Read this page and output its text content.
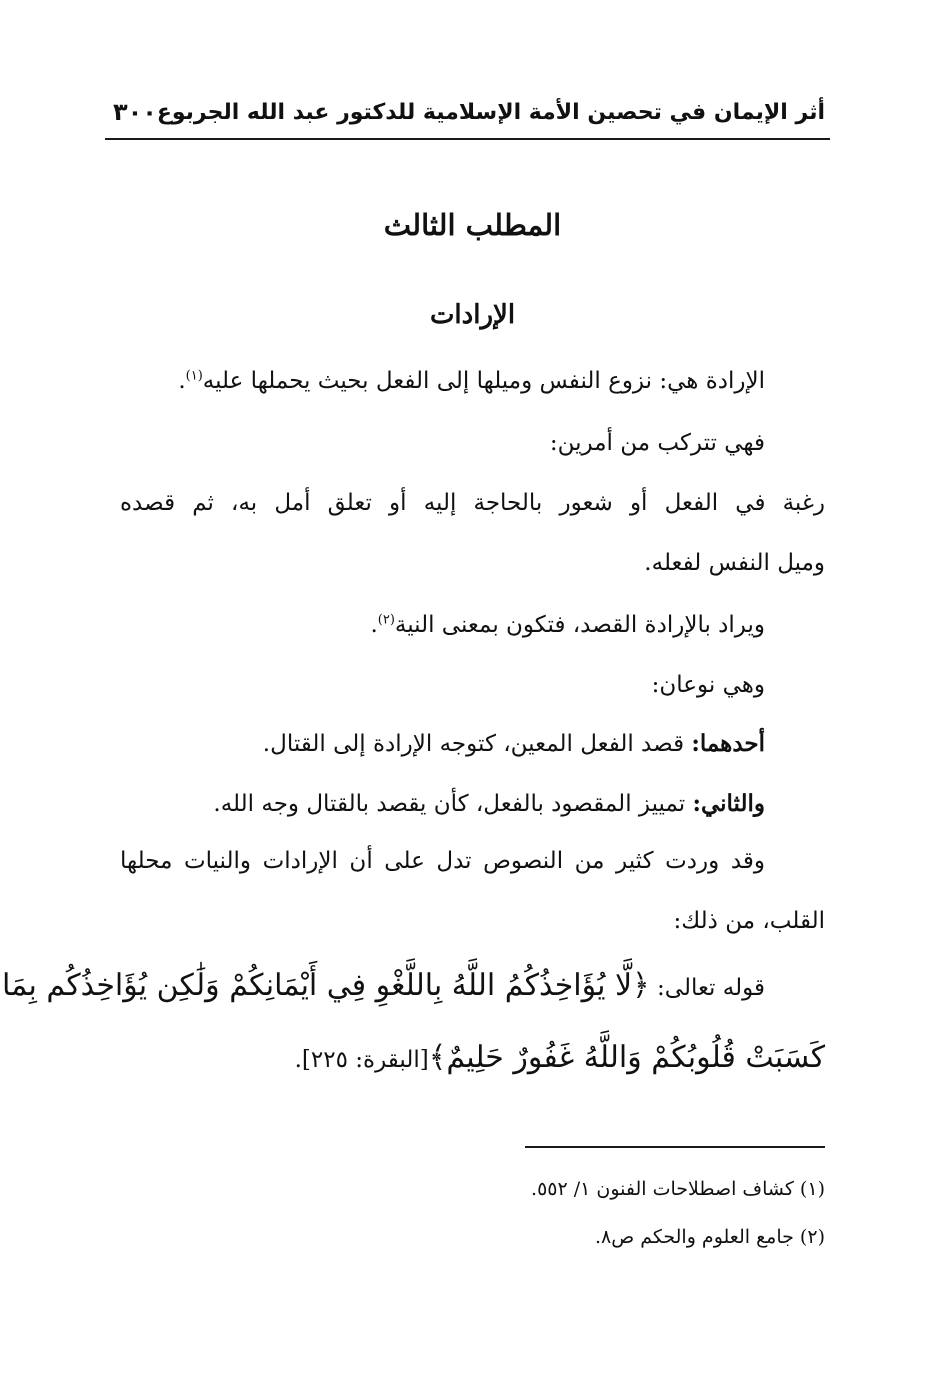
أثر الإيمان في تحصين الأمة الإسلامية للدكتور عبد الله الجربوع
٣٠٠
المطلب الثالث
الإرادات
الإرادة هي: نزوع النفس وميلها إلى الفعل بحيث يحملها عليه$^{(١)}$.
فهي تتركب من أمرين:
رغبة في الفعل أو شعور بالحاجة إليه أو تعلق أمل به، ثم قصده
وميل النفس لفعله.
ويراد بالإرادة القصد، فتكون بمعنى النية$^{(٢)}$.
وهي نوعان:
أحدهما: قصد الفعل المعين، كتوجه الإرادة إلى القتال.
والثاني: تمييز المقصود بالفعل، كأن يقصد بالقتال وجه الله.
وقد وردت كثير من النصوص تدل على أن الإرادات والنيات محلها
القلب، من ذلك:
قوله تعالى: ﴿لَّا يُؤَاخِذُكُمُ اللَّهُ بِاللَّغْوِ فِي أَيْمَانِكُمْ وَلَٰكِن يُؤَاخِذُكُم بِمَا
كَسَبَتْ قُلُوبُكُمْ وَاللَّهُ غَفُورٌ حَلِيمٌ﴾[البقرة: ٢٢٥].
(١) كشاف اصطلاحات الفنون ١/ ٥٥٢.
(٢) جامع العلوم والحكم ص٨.
